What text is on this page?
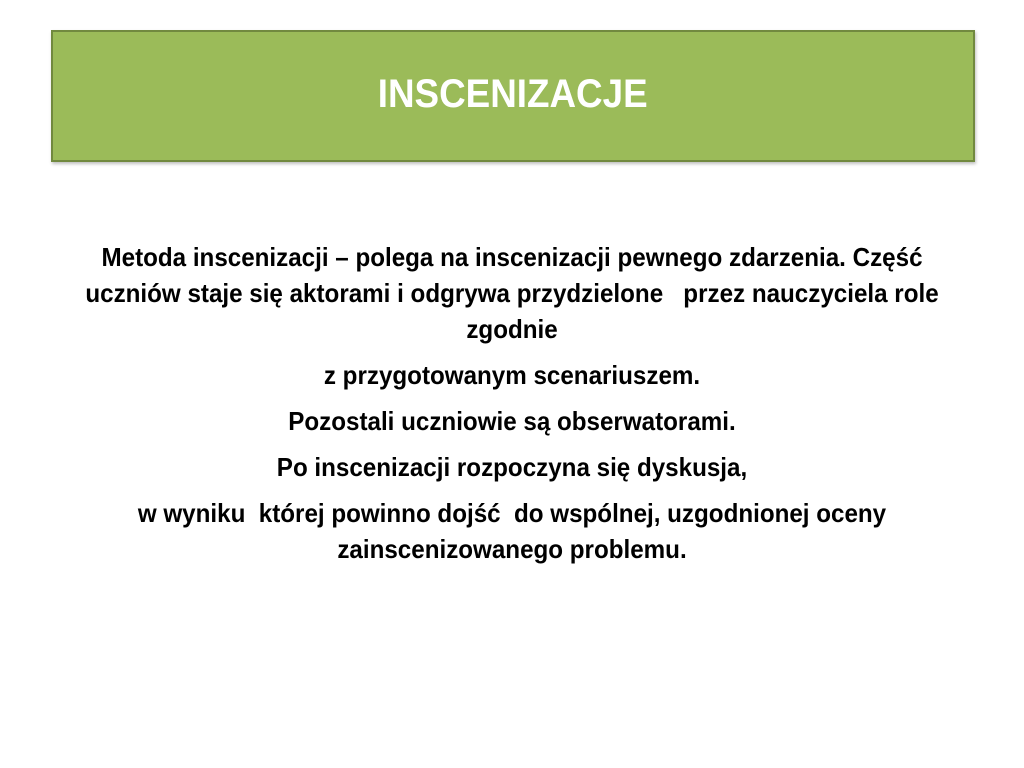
INSCENIZACJE

Metoda inscenizacji – polega na inscenizacji pewnego zdarzenia. Część uczniów staje się aktorami i odgrywa przydzielone   przez nauczyciela role zgodnie

z przygotowanym scenariuszem.

Pozostali uczniowie są obserwatorami.

Po inscenizacji rozpoczyna się dyskusja,

w wyniku  której powinno dojść  do wspólnej, uzgodnionej oceny zainscenizowanego problemu.
